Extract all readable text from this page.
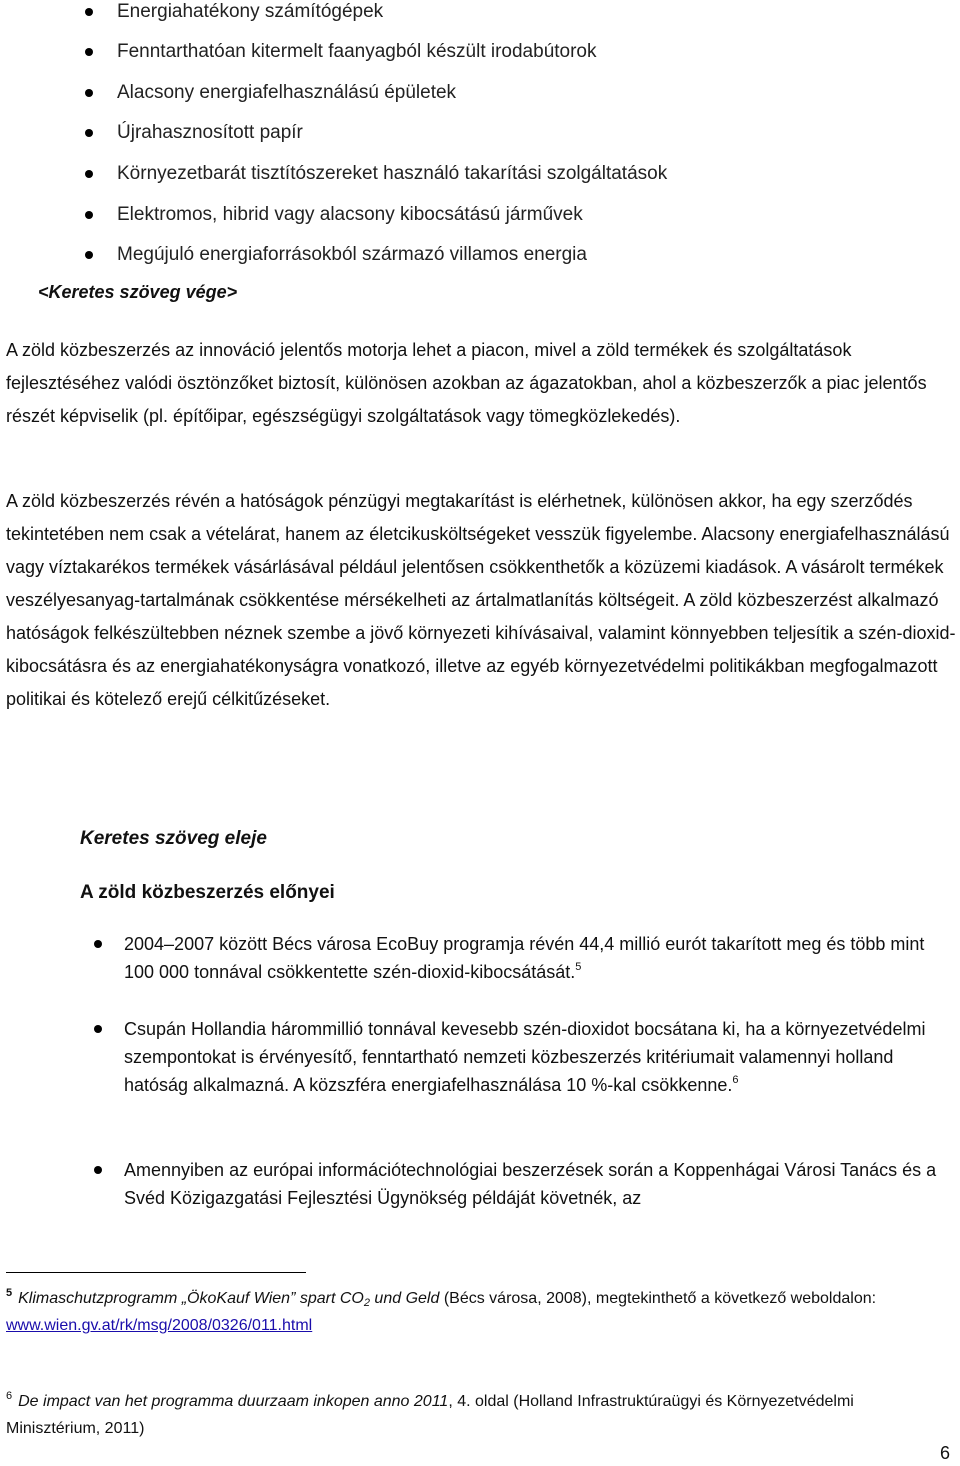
Energiahatékony számítógépek
Fenntarthatóan kitermelt faanyagból készült irodabútorok
Alacsony energiafelhasználású épületek
Újrahasznosított papír
Környezetbarát tisztítószereket használó takarítási szolgáltatások
Elektromos, hibrid vagy alacsony kibocsátású járművek
Megújuló energiaforrásokból származó villamos energia
<Keretes szöveg vége>

A zöld közbeszerzés az innováció jelentős motorja lehet a piacon, mivel a zöld termékek és szolgáltatások fejlesztéséhez valódi ösztönzőket biztosít, különösen azokban az ágazatokban, ahol a közbeszerzők a piac jelentős részét képviselik (pl. építőipar, egészségügyi szolgáltatások vagy tömegközlekedés).

A zöld közbeszerzés révén a hatóságok pénzügyi megtakarítást is elérhetnek, különösen akkor, ha egy szerződés tekintetében nem csak a vételárat, hanem az életcikusköltségeket vesszük figyelembe. Alacsony energiafelhasználású vagy víztakarékos termékek vásárlásával például jelentősen csökkenthetők a közüzemi kiadások. A vásárolt termékek veszélyesanyag-tartalmának csökkentése mérsékelheti az ártalmatlanítás költségeit. A zöld közbeszerzést alkalmazó hatóságok felkészültebben néznek szembe a jövő környezeti kihívásaival, valamint könnyebben teljesítik a szén-dioxid-kibocsátásra és az energiahatékonyságra vonatkozó, illetve az egyéb környezetvédelmi politikákban megfogalmazott politikai és kötelező erejű célkitűzéseket.

Keretes szöveg eleje
A zöld közbeszerzés előnyei
2004–2007 között Bécs városa EcoBuy programja révén 44,4 millió eurót takarított meg és több mint 100 000 tonnával csökkentette szén-dioxid-kibocsátását.$^5$
Csupán Hollandia hárommillió tonnával kevesebb szén-dioxidot bocsátana ki, ha a környezetvédelmi szempontokat is érvényesítő, fenntartható nemzeti közbeszerzés kritériumait valamennyi holland hatóság alkalmazná. A közszféra energiafelhasználása 10 %-kal csökkenne.$^6$
Amennyiben az európai információtechnológiai beszerzések során a Koppenhágai Városi Tanács és a Svéd Közigazgatási Fejlesztési Ügynökség példáját követnék, az
$^5$ Klimaschutzprogramm „ÖkoKauf Wien” spart $CO_2$ und Geld (Bécs városa, 2008), megtekinthető a következő weboldalon:
www.wien.gv.at/rk/msg/2008/0326/011.html
$^6$ De impact van het programma duurzaam inkopen anno 2011, 4. oldal (Holland Infrastruktúraügyi és Környezetvédelmi Minisztérium, 2011)
6
